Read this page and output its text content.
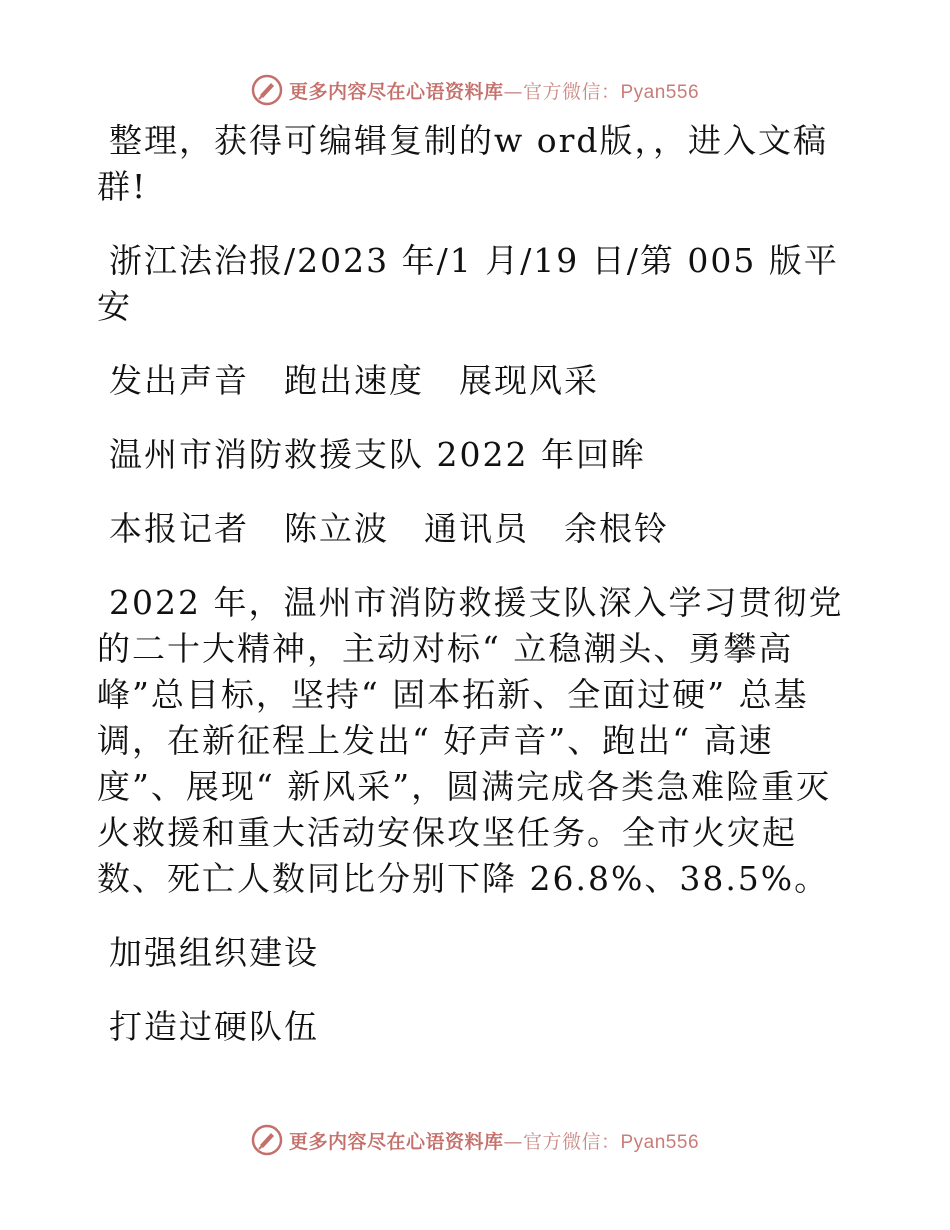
更多内容尽在心语资料库—官方微信：Pyan556

整理，获得可编辑复制的w ord版，，进入文稿群!

浙江法治报/2023 年/1 月/19 日/第 005 版平安

发出声音　跑出速度　展现风采

温州市消防救援支队 2022 年回眸

本报记者　陈立波　通讯员　余根铃

2022 年，温州市消防救援支队深入学习贯彻党的二十大精神，主动对标“ 立稳潮头、勇攀高峰”总目标，坚持“ 固本拓新、全面过硬” 总基调，在新征程上发出“ 好声音”、跑出“ 高速度”、展现“ 新风采”，圆满完成各类急难险重灭火救援和重大活动安保攻坚任务。全市火灾起数、死亡人数同比分别下降 26.8%、38.5%。

加强组织建设

打造过硬队伍

更多内容尽在心语资料库—官方微信：Pyan556
